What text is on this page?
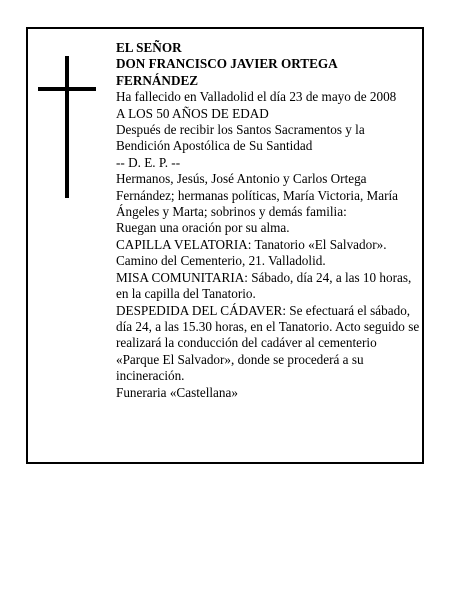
EL SEÑOR

DON FRANCISCO JAVIER ORTEGA FERNÁNDEZ

Ha fallecido en Valladolid el día 23 de mayo de 2008

A LOS 50 AÑOS DE EDAD

Después de recibir los Santos Sacramentos y la Bendición Apostólica de Su Santidad

-- D. E. P. --

Hermanos, Jesús, José Antonio y Carlos Ortega Fernández; hermanas políticas, María Victoria, María Ángeles y Marta; sobrinos y demás familia:

Ruegan una oración por su alma.

CAPILLA VELATORIA: Tanatorio «El Salvador». Camino del Cementerio, 21. Valladolid.

MISA COMUNITARIA: Sábado, día 24, a las 10 horas, en la capilla del Tanatorio.

DESPEDIDA DEL CÁDAVER: Se efectuará el sábado, día 24, a las 15.30 horas, en el Tanatorio. Acto seguido se realizará la conducción del cadáver al cementerio «Parque El Salvador», donde se procederá a su incineración.

Funeraria «Castellana»
